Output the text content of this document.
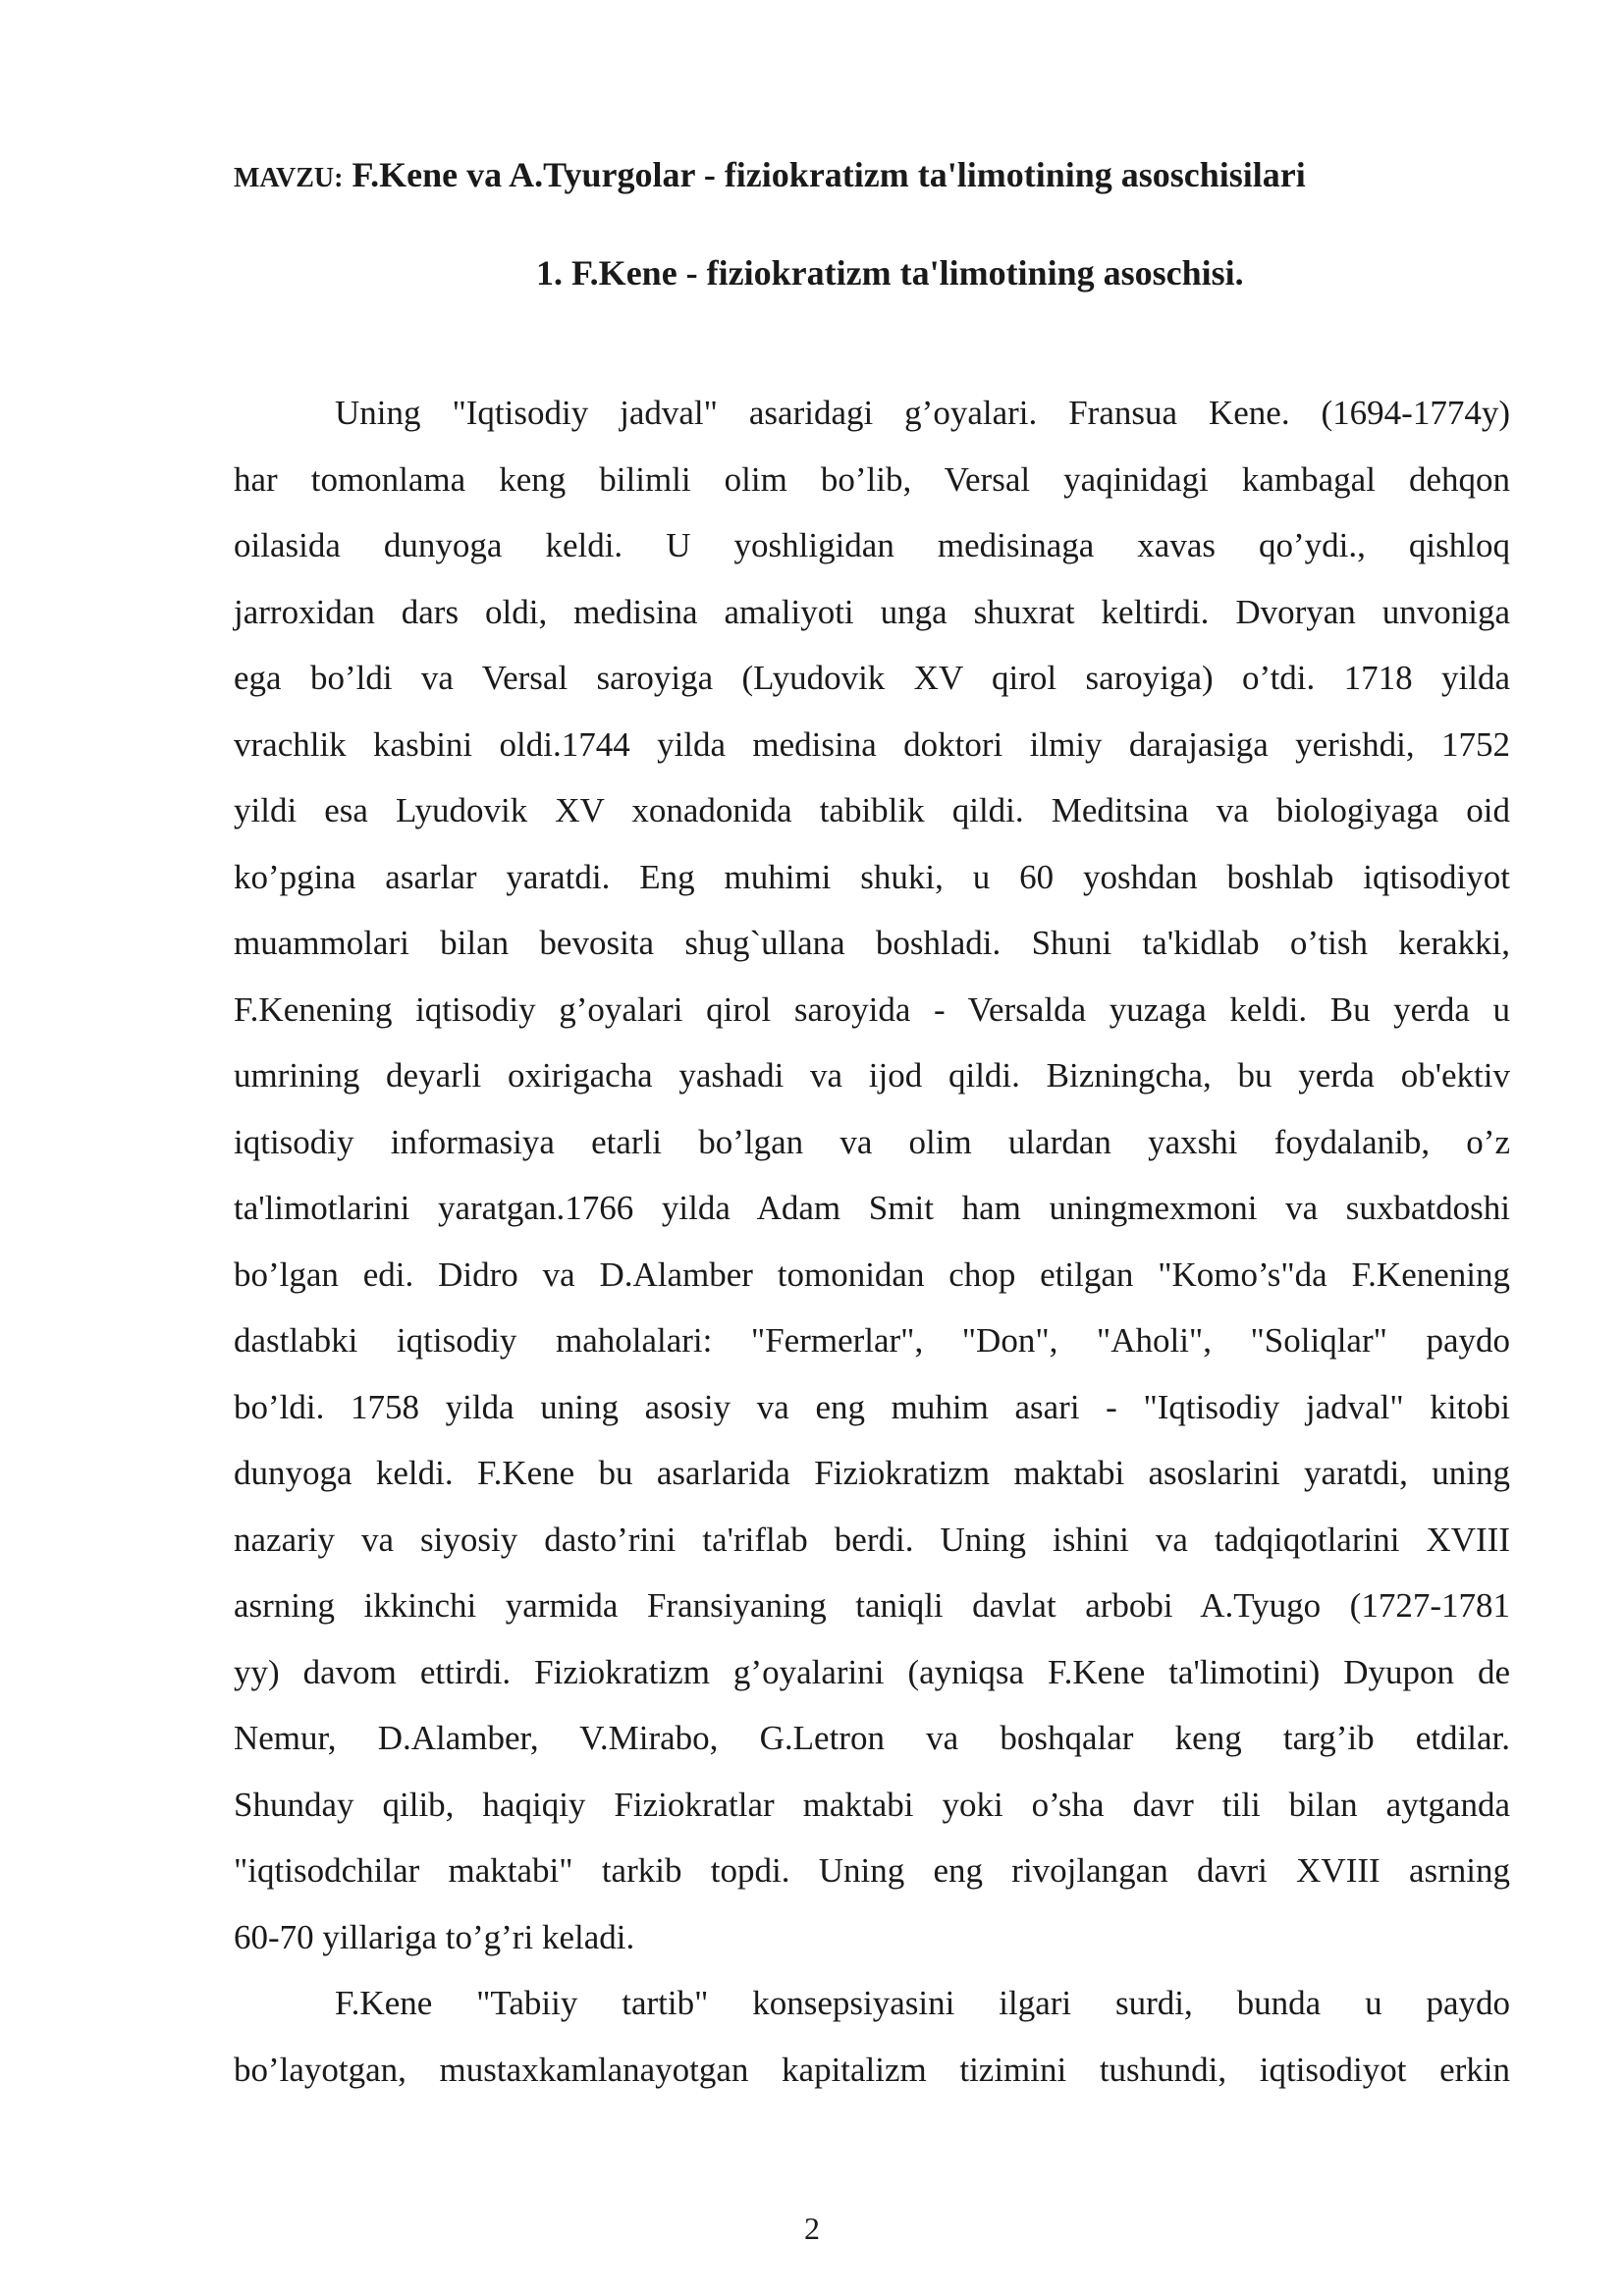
MAVZU: F.Kene va A.Tyurgolar - fiziokratizm ta'limotining asoschisilari
1. F.Kene - fiziokratizm ta'limotining asoschisi.
Uning "Iqtisodiy jadval" asaridagi g’oyalari. Fransua Kene. (1694-1774y)
har tomonlama keng bilimli olim bo’lib, Versal yaqinidagi kambagal dehqon
oilasida dunyoga keldi. U yoshligidan medisinaga xavas qo’ydi., qishloq
jarroxidan dars oldi, medisina amaliyoti unga shuxrat keltirdi. Dvoryan unvoniga
ega bo’ldi va Versal saroyiga (Lyudovik XV qirol saroyiga) o’tdi. 1718 yilda
vrachlik kasbini oldi.1744 yilda medisina doktori ilmiy darajasiga yerishdi, 1752
yildi esa Lyudovik XV xonadonida tabiblik qildi. Meditsina va biologiyaga oid
ko’pgina asarlar yaratdi. Eng muhimi shuki, u 60 yoshdan boshlab iqtisodiyot
muammolari bilan bevosita shug`ullana boshladi. Shuni ta'kidlab o’tish kerakki,
F.Kenening iqtisodiy g’oyalari qirol saroyida - Versalda yuzaga keldi. Bu yerda u
umrining deyarli oxirigacha yashadi va ijod qildi. Bizningcha, bu yerda ob'ektiv
iqtisodiy informasiya etarli bo’lgan va olim ulardan yaxshi foydalanib, o’z
ta'limotlarini yaratgan.1766 yilda Adam Smit ham uningmexmoni va suxbatdoshi
bo’lgan edi. Didro va D.Alamber tomonidan chop etilgan "Komo’s"da F.Kenening
dastlabki iqtisodiy maholalari: "Fermerlar", "Don", "Aholi", "Soliqlar" paydo
bo’ldi. 1758 yilda uning asosiy va eng muhim asari - "Iqtisodiy jadval" kitobi
dunyoga keldi. F.Kene bu asarlarida Fiziokratizm maktabi asoslarini yaratdi, uning
nazariy va siyosiy dasto’rini ta'riflab berdi. Uning ishini va tadqiqotlarini XVIII
asrning ikkinchi yarmida Fransiyaning taniqli davlat arbobi A.Tyugo (1727-1781
yy) davom ettirdi. Fiziokratizm g’oyalarini (ayniqsa F.Kene ta'limotini) Dyupon de
Nemur, D.Alamber, V.Mirabo, G.Letron va boshqalar keng targ’ib etdilar.
Shunday qilib, haqiqiy Fiziokratlar maktabi yoki o’sha davr tili bilan aytganda
"iqtisodchilar maktabi" tarkib topdi. Uning eng rivojlangan davri XVIII asrning
60-70 yillariga to’g’ri keladi.
F.Kene "Tabiiy tartib" konsepsiyasini ilgari surdi, bunda u paydo
bo’layotgan, mustaxkamlanayotgan kapitalizm tizimini tushundi, iqtisodiyot erkin
2
